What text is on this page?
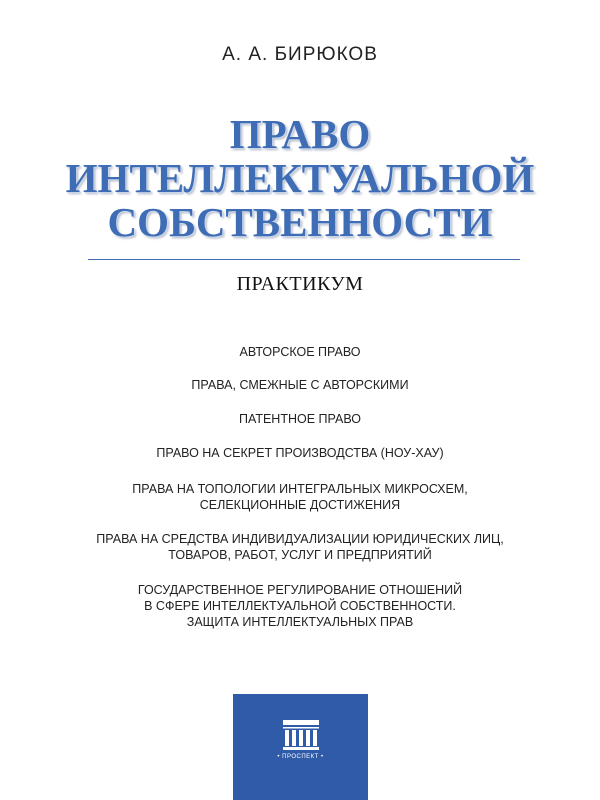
А. А. БИРЮКОВ
ПРАВО
ИНТЕЛЛЕКТУАЛЬНОЙ
СОБСТВЕННОСТИ
ПРАКТИКУМ
АВТОРСКОЕ ПРАВО
ПРАВА, СМЕЖНЫЕ С АВТОРСКИМИ
ПАТЕНТНОЕ ПРАВО
ПРАВО НА СЕКРЕТ ПРОИЗВОДСТВА (НОУ-ХАУ)
ПРАВА НА ТОПОЛОГИИ ИНТЕГРАЛЬНЫХ МИКРОСХЕМ,
СЕЛЕКЦИОННЫЕ ДОСТИЖЕНИЯ
ПРАВА НА СРЕДСТВА ИНДИВИДУАЛИЗАЦИИ ЮРИДИЧЕСКИХ ЛИЦ,
ТОВАРОВ, РАБОТ, УСЛУГ И ПРЕДПРИЯТИЙ
ГОСУДАРСТВЕННОЕ РЕГУЛИРОВАНИЕ ОТНОШЕНИЙ
В СФЕРЕ ИНТЕЛЛЕКТУАЛЬНОЙ СОБСТВЕННОСТИ.
ЗАЩИТА ИНТЕЛЛЕКТУАЛЬНЫХ ПРАВ
• ПРОСПЕКТ •
